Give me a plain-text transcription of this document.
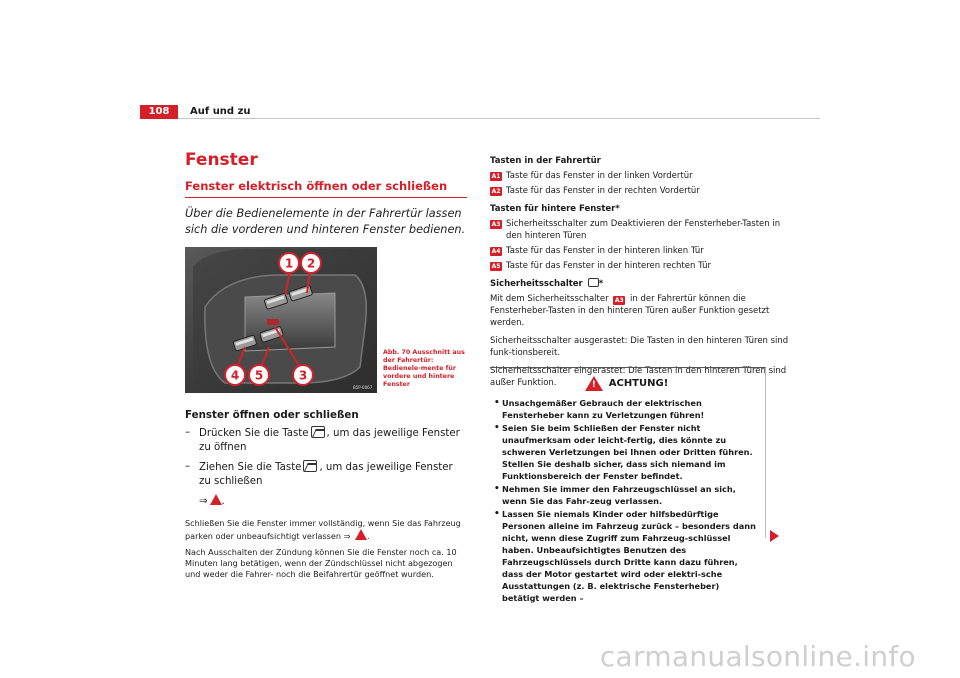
108	Auf und zu
Fenster
Fenster elektrisch öffnen oder schließen
Über die Bedienelemente in der Fahrertür lassen sich die vorderen und hinteren Fenster bedienen.
1 2
3
4 5
B5P-0067
Abb. 70 Ausschnitt aus der Fahrertür: Bedienele-mente für vordere und hintere Fenster
Fenster öffnen oder schließen
– Drücken Sie die Taste , um das jeweilige Fenster zu öffnen
– Ziehen Sie die Taste , um das jeweilige Fenster zu schließen
⇒ .
Schließen Sie die Fenster immer vollständig, wenn Sie das Fahrzeug parken oder unbeaufsichtigt verlassen ⇒ .
Nach Ausschalten der Zündung können Sie die Fenster noch ca. 10 Minuten lang betätigen, wenn der Zündschlüssel nicht abgezogen und weder die Fahrer- noch die Beifahrertür geöffnet wurden.
Tasten in der Fahrertür
A1 Taste für das Fenster in der linken Vordertür
A2 Taste für das Fenster in der rechten Vordertür
Tasten für hintere Fenster*
A3 Sicherheitsschalter zum Deaktivieren der Fensterheber-Tasten in den hinteren Türen
A4 Taste für das Fenster in der hinteren linken Tür
A5 Taste für das Fenster in der hinteren rechten Tür
Sicherheitsschalter *
Mit dem Sicherheitsschalter A3 in der Fahrertür können die Fensterheber-Tasten in den hinteren Türen außer Funktion gesetzt werden.
Sicherheitsschalter ausgerastet: Die Tasten in den hinteren Türen sind funk-tionsbereit.
Sicherheitsschalter eingerastet: Die Tasten in den hinteren Türen sind außer Funktion.	! ACHTUNG!
• Unsachgemäßer Gebrauch der elektrischen Fensterheber kann zu Verletzungen führen!
• Seien Sie beim Schließen der Fenster nicht unaufmerksam oder leicht-fertig, dies könnte zu schweren Verletzungen bei Ihnen oder Dritten führen. Stellen Sie deshalb sicher, dass sich niemand im Funktionsbereich der Fenster befindet.
• Nehmen Sie immer den Fahrzeugschlüssel an sich, wenn Sie das Fahr-zeug verlassen.
• Lassen Sie niemals Kinder oder hilfsbedürftige Personen alleine im Fahrzeug zurück – besonders dann nicht, wenn diese Zugriff zum Fahrzeug-schlüssel haben. Unbeaufsichtigtes Benutzen des Fahrzeugschlüssels durch Dritte kann dazu führen, dass der Motor gestartet wird oder elektri-sche Ausstattungen (z. B. elektrische Fensterheber) betätigt werden –
carmanualsonline.info
